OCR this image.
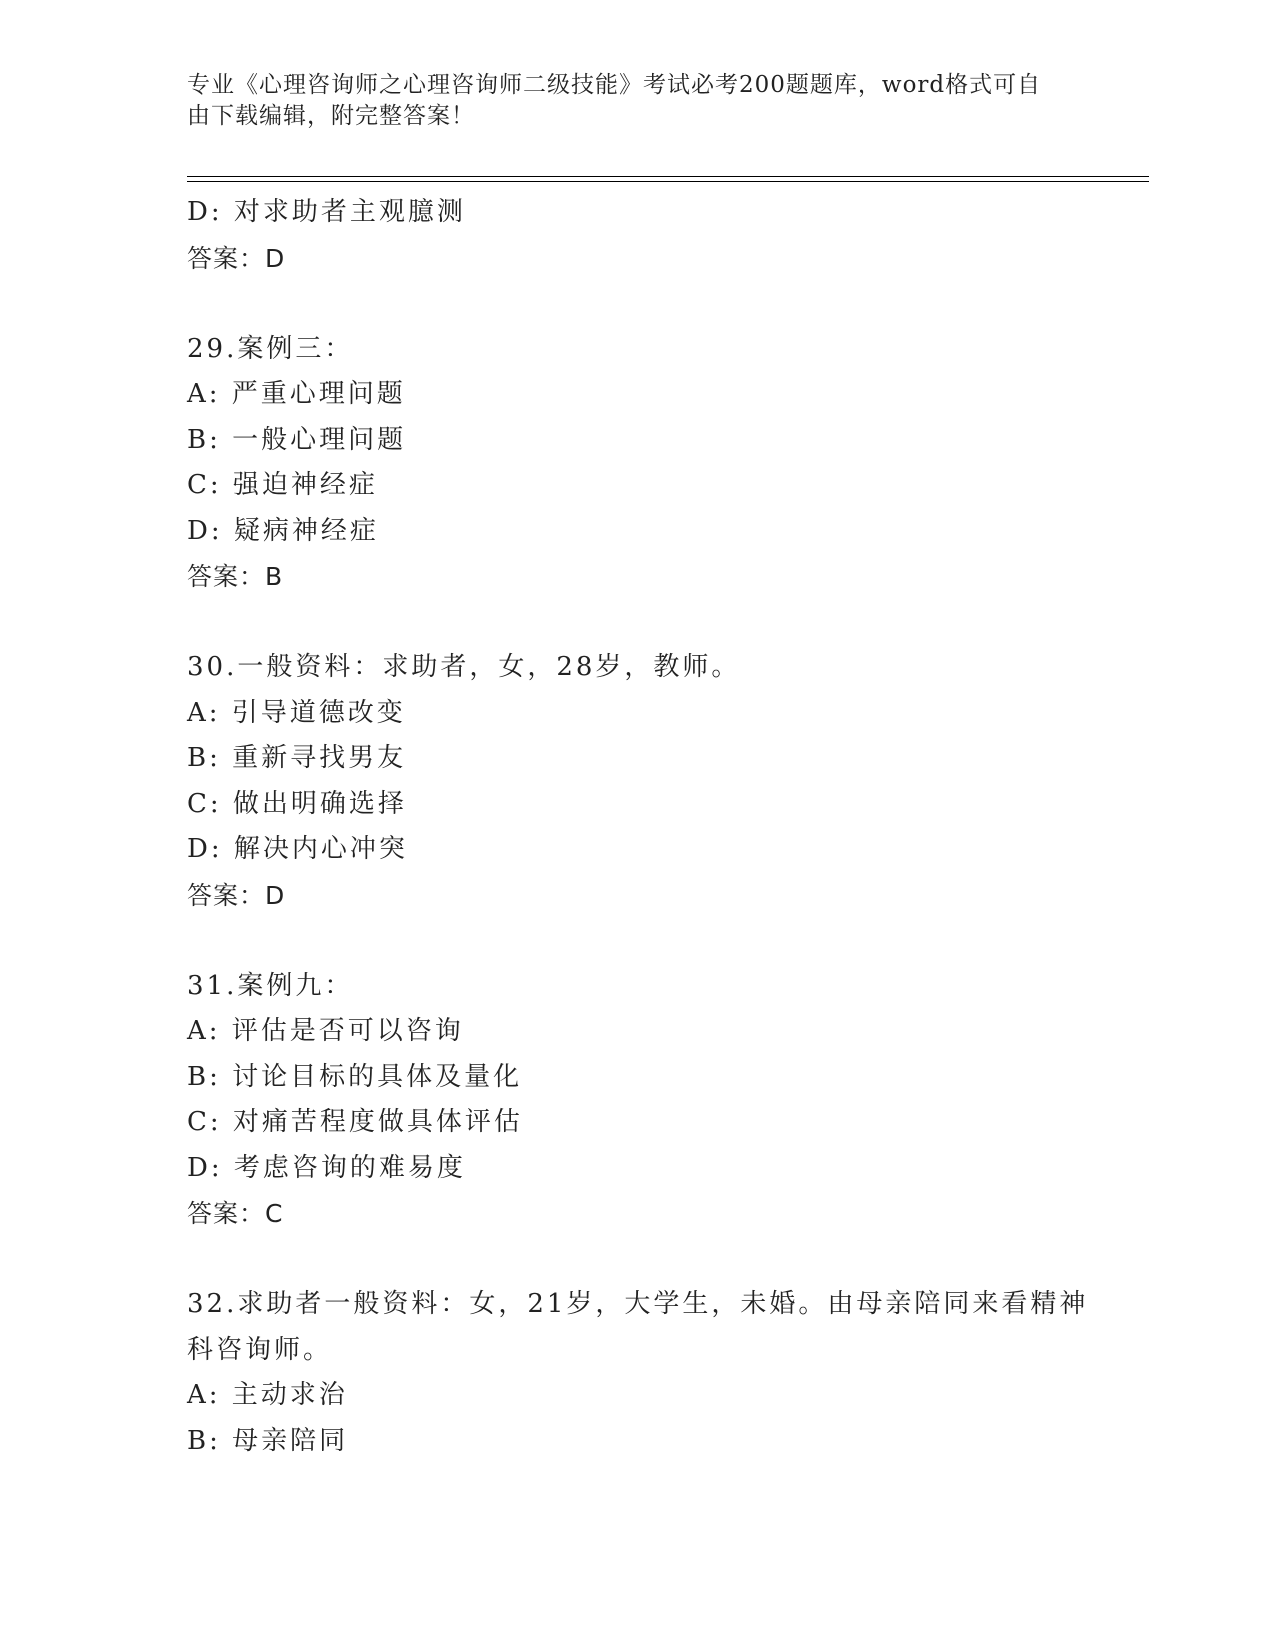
专业《心理咨询师之心理咨询师二级技能》考试必考200题题库，word格式可自
由下载编辑，附完整答案！
D: 对求助者主观臆测
答案：D
29.案例三：
A: 严重心理问题
B: 一般心理问题
C: 强迫神经症
D: 疑病神经症
答案：B
30.一般资料：求助者，女，28岁，教师。
A: 引导道德改变
B: 重新寻找男友
C: 做出明确选择
D: 解决内心冲突
答案：D
31.案例九：
A: 评估是否可以咨询
B: 讨论目标的具体及量化
C: 对痛苦程度做具体评估
D: 考虑咨询的难易度
答案：C
32.求助者一般资料：女，21岁，大学生，未婚。由母亲陪同来看精神
科咨询师。
A: 主动求治
B: 母亲陪同
